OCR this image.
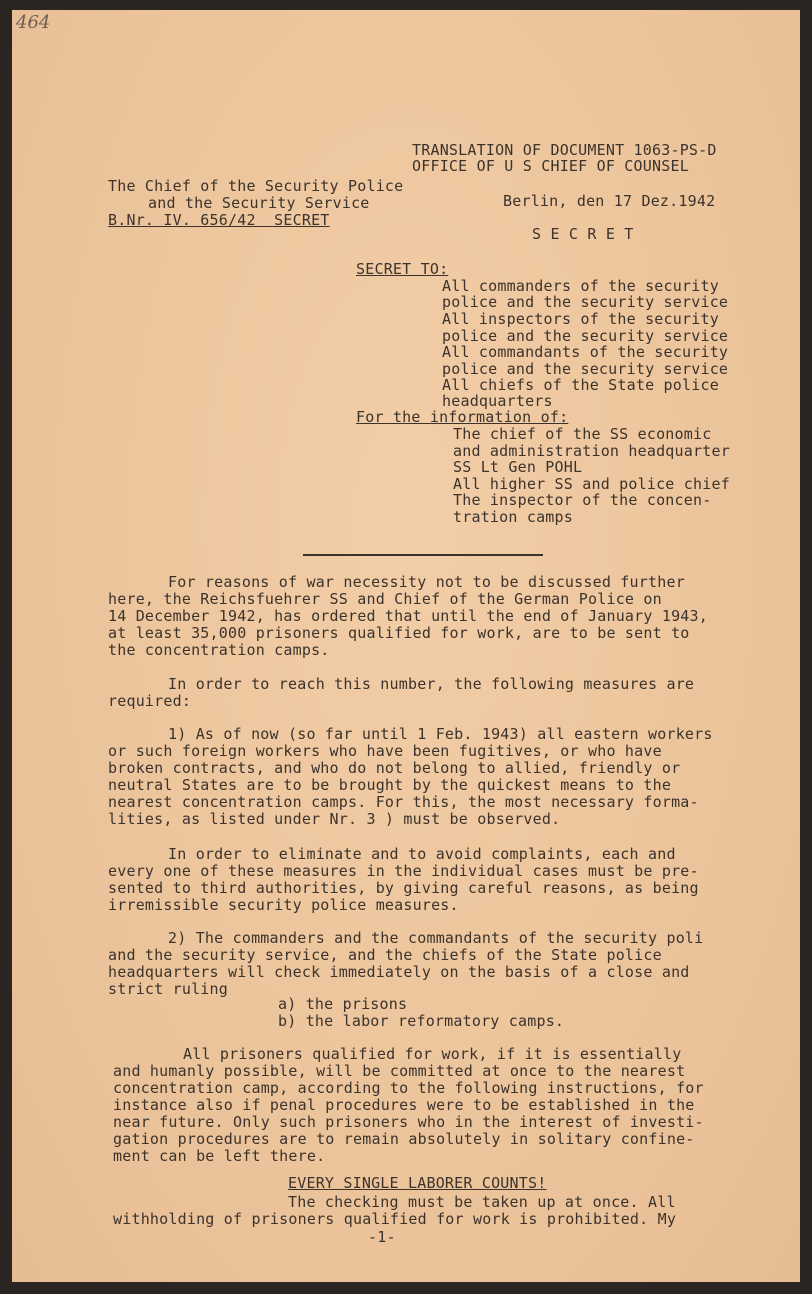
464
TRANSLATION OF DOCUMENT 1063-PS-D
OFFICE OF U S CHIEF OF COUNSEL
The Chief of the Security Police
and the Security Service
B.Nr. IV. 656/42  SECRET
Berlin, den 17 Dez.1942
S E C R E T
SECRET TO:
All commanders of the security
police and the security service
All inspectors of the security
police and the security service
All commandants of the security
police and the security service
All chiefs of the State police
headquarters
For the information of:
The chief of the SS economic
and administration headquarter
SS Lt Gen POHL
All higher SS and police chief
The inspector of the concen-
tration camps
For reasons of war necessity not to be discussed further
here, the Reichsfuehrer SS and Chief of the German Police on
14 December 1942, has ordered that until the end of January 1943,
at least 35,000 prisoners qualified for work, are to be sent to
the concentration camps.
In order to reach this number, the following measures are
required:
1) As of now (so far until 1 Feb. 1943) all eastern workers
or such foreign workers who have been fugitives, or who have
broken contracts, and who do not belong to allied, friendly or
neutral States are to be brought by the quickest means to the
nearest concentration camps. For this, the most necessary forma-
lities, as listed under Nr. 3 ) must be observed.
In order to eliminate and to avoid complaints, each and
every one of these measures in the individual cases must be pre-
sented to third authorities, by giving careful reasons, as being
irremissible security police measures.
2) The commanders and the commandants of the security poli
and the security service, and the chiefs of the State police
headquarters will check immediately on the basis of a close and
strict ruling
a) the prisons
b) the labor reformatory camps.
All prisoners qualified for work, if it is essentially
and humanly possible, will be committed at once to the nearest
concentration camp, according to the following instructions, for
instance also if penal procedures were to be established in the
near future. Only such prisoners who in the interest of investi-
gation procedures are to remain absolutely in solitary confine-
ment can be left there.
EVERY SINGLE LABORER COUNTS!
The checking must be taken up at once. All
withholding of prisoners qualified for work is prohibited. My
-1-
